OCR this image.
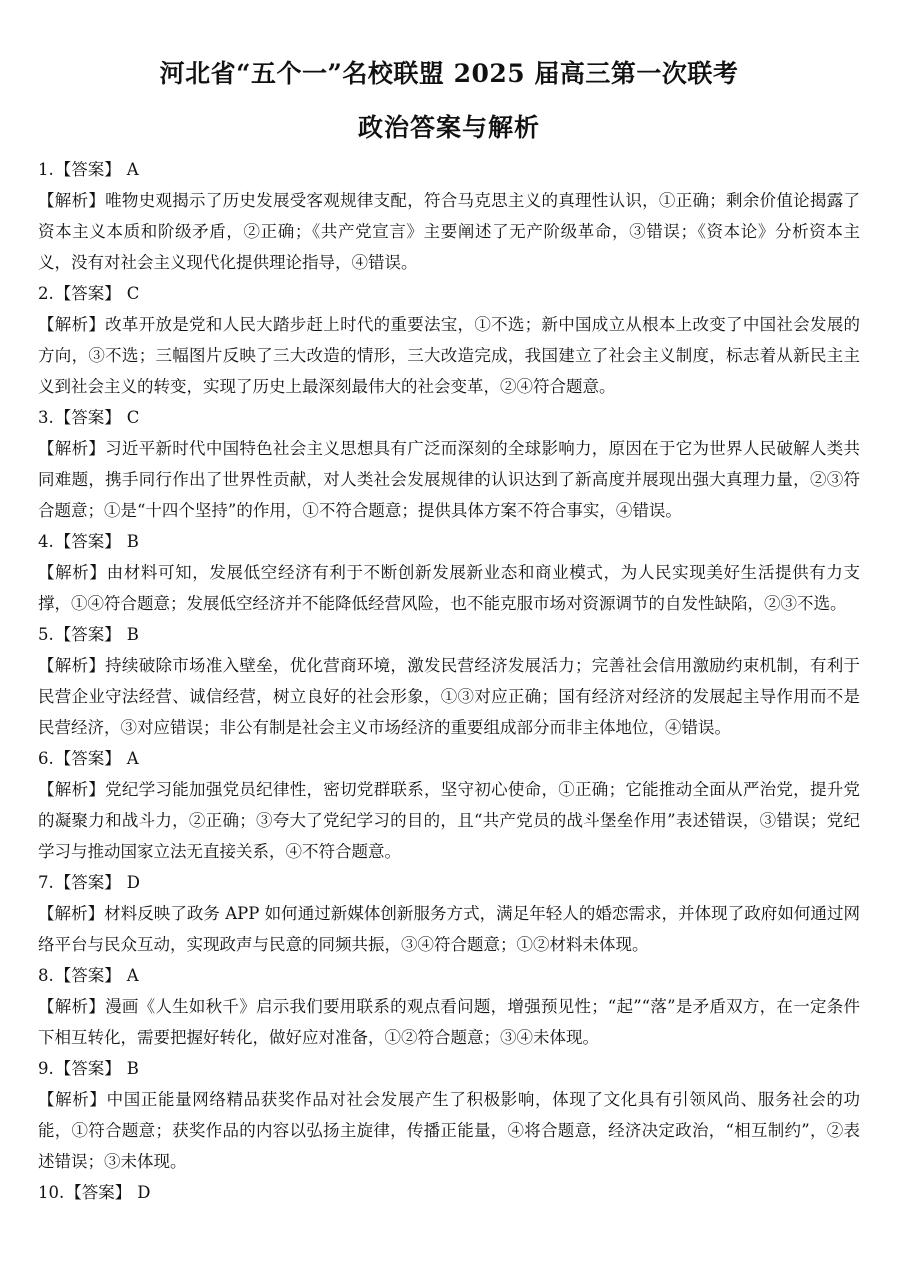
河北省“五个一”名校联盟 2025 届高三第一次联考
政治答案与解析
1.【答案】 A

【解析】唯物史观揭示了历史发展受客观规律支配，符合马克思主义的真理性认识，①正确；剩余价值论揭露了资本主义本质和阶级矛盾，②正确；《共产党宣言》主要阐述了无产阶级革命，③错误；《资本论》分析资本主义，没有对社会主义现代化提供理论指导，④错误。

2.【答案】 C

【解析】改革开放是党和人民大踏步赶上时代的重要法宝，①不选；新中国成立从根本上改变了中国社会发展的方向，③不选；三幅图片反映了三大改造的情形，三大改造完成，我国建立了社会主义制度，标志着从新民主主义到社会主义的转变，实现了历史上最深刻最伟大的社会变革，②④符合题意。

3.【答案】 C

【解析】习近平新时代中国特色社会主义思想具有广泛而深刻的全球影响力，原因在于它为世界人民破解人类共同难题，携手同行作出了世界性贡献，对人类社会发展规律的认识达到了新高度并展现出强大真理力量，②③符合题意；①是“十四个坚持”的作用，①不符合题意；提供具体方案不符合事实，④错误。

4.【答案】 B

【解析】由材料可知，发展低空经济有利于不断创新发展新业态和商业模式，为人民实现美好生活提供有力支撑，①④符合题意；发展低空经济并不能降低经营风险，也不能克服市场对资源调节的自发性缺陷，②③不选。

5.【答案】 B

【解析】持续破除市场准入壁垒，优化营商环境，激发民营经济发展活力；完善社会信用激励约束机制，有利于民营企业守法经营、诚信经营，树立良好的社会形象，①③对应正确；国有经济对经济的发展起主导作用而不是民营经济，③对应错误；非公有制是社会主义市场经济的重要组成部分而非主体地位，④错误。

6.【答案】 A

【解析】党纪学习能加强党员纪律性，密切党群联系，坚守初心使命，①正确；它能推动全面从严治党，提升党的凝聚力和战斗力，②正确；③夸大了党纪学习的目的，且“共产党员的战斗堡垒作用”表述错误，③错误；党纪学习与推动国家立法无直接关系，④不符合题意。

7.【答案】 D

【解析】材料反映了政务 APP 如何通过新媒体创新服务方式，满足年轻人的婚恋需求，并体现了政府如何通过网络平台与民众互动，实现政声与民意的同频共振，③④符合题意；①②材料未体现。

8.【答案】 A

【解析】漫画《人生如秋千》启示我们要用联系的观点看问题，增强预见性；“起”“落”是矛盾双方，在一定条件下相互转化，需要把握好转化，做好应对准备，①②符合题意；③④未体现。

9.【答案】 B

【解析】中国正能量网络精品获奖作品对社会发展产生了积极影响，体现了文化具有引领风尚、服务社会的功能，①符合题意；获奖作品的内容以弘扬主旋律，传播正能量，④将合题意，经济决定政治，“相互制约”，②表述错误；③未体现。

10.【答案】 D
